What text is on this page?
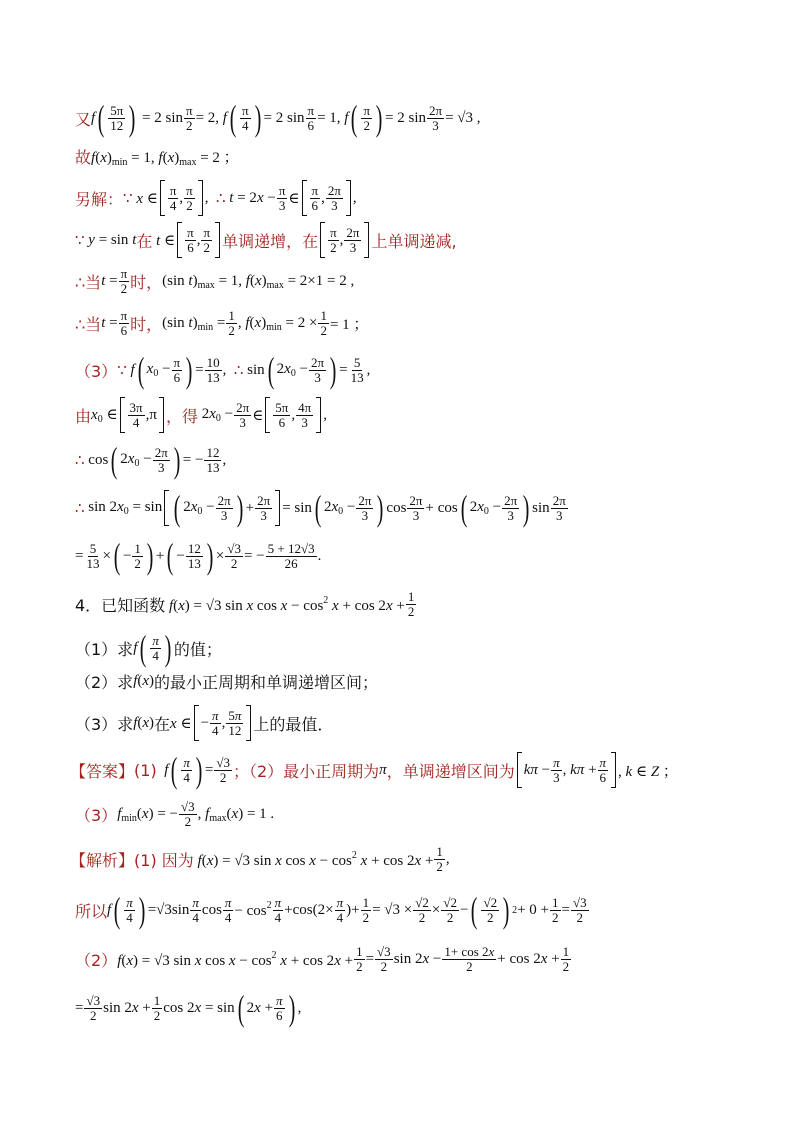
又 f ( $\frac{5\pi}{12}$ ) = 2 $\sin \frac{\pi}{2} = 2$, f ( $\frac{\pi}{4}$ ) = 2 $\sin \frac{\pi}{6} = 1$, f ( $\frac{\pi}{2}$ ) = 2 $\sin \frac{2\pi}{3} = √3$ ,
故 $f(x)_{min} = 1$, $f(x)_{max} = 2$ ；
另解： ∵ x ∈ $\frac{\pi}{4}$ , $\frac{\pi}{2}$ , ∴ $t = 2x - \frac{\pi}{3}$ ∈ $\frac{\pi}{6}$ , $\frac{2\pi}{3}$ ,
∵ y = sin t 在 t ∈ $\frac{\pi}{6}$ , $\frac{\pi}{2}$ 单调递增，在 $\frac{\pi}{2}$ , $\frac{2\pi}{3}$ 上单调递减,
∴当 $t = \frac{\pi}{2}$ 时， (sin $t)_{max} = 1$, $f(x)_{max} = 2\times 1 = 2$ ,
∴当 $t = \frac{\pi}{6}$ 时， (sin $t)_{min} = \frac{1}{2}$ , $f(x)_{min} = 2 \times \frac{1}{2} = 1$ ；
（3） ∵ f ( $x_0 - \frac{\pi}{6}$ ) = $\frac{10}{13}$ , ∴ sin ( $2x_0 - \frac{2\pi}{3}$ ) = $\frac{5}{13}$ ,
由 $x_0$ ∈ $\frac{3\pi}{4} ,\pi$ ，得 $2x_0 - \frac{2\pi}{3}$ ∈ $\frac{5\pi}{6}$ , $\frac{4\pi}{3}$ ,
∴ cos ( $2x_0 - \frac{2\pi}{3}$ ) = − $\frac{12}{13}$ ,
∴ $\sin 2x_0 = \sin$ ( $2x_0 - \frac{2\pi}{3}$ ) + $\frac{2\pi}{3} = \sin$ ( $2x_0 - \frac{2\pi}{3}$ ) $\cos \frac{2\pi}{3} + \cos$ ( $2x_0 - \frac{2\pi}{3}$ ) $\sin \frac{2\pi}{3}$
= $\frac{5}{13}$ × ( − $\frac{1}{2}$ ) + ( − $\frac{12}{13}$ ) × $\frac{√3}{2}$ = − $\frac{5 + 12√3}{26}$ .
4．已知函数 f(x) = √3 sin x $\cos x - \cos^2 x + \cos 2x + \frac{1}{2}$
（1）求 f ( $\frac{\pi}{4}$ ) 的值；
（2）求 f(x) 的最小正周期和单调递增区间；
（3）求 f(x) 在 x ∈ − $\frac{\pi}{4}$ , $\frac{5\pi}{12}$ 上的最值．
【答案】 (1) f ( $\frac{\pi}{4}$ ) = $\frac{√3}{2}$ ；（2）最小正周期为 π ，单调递增区间为 $k\pi - \frac{\pi}{3}$ , $k\pi + \frac{\pi}{6}$ , k ∈ Z ；
（3） $f_{min}(x)$ = − $\frac{√3}{2}$ , $f_{max}(x) = 1$ .
【解析】 (1) 因为 f(x) = √3 sin x $\cos x - \cos^2 x + \cos 2x + \frac{1}{2}$ ,
所以 f ( $\frac{\pi}{4}$ ) $=√3\sin \frac{\pi}{4}$ $\cos \frac{\pi}{4} - \cos^2 \frac{\pi}{4} +\cos(2\times \frac{\pi}{4}$ )+ $\frac{1}{2} = √3 \times \frac{√2}{2} \times \frac{√2}{2}$ − ( $\frac{√2}{2}$ ) $2 + 0 + \frac{1}{2} = \frac{√3}{2}$
（2） f(x) = √3 sin x $\cos x - \cos^2 x + \cos 2x + \frac{1}{2} = \frac{√3}{2}$ $\sin 2x - \frac{1+ \cos 2x}{2} + \cos 2x + \frac{1}{2}$
= $\frac{√3}{2}$ $\sin 2x + \frac{1}{2}$ cos 2x = sin ( $2x + \frac{\pi}{6}$ ) ,
